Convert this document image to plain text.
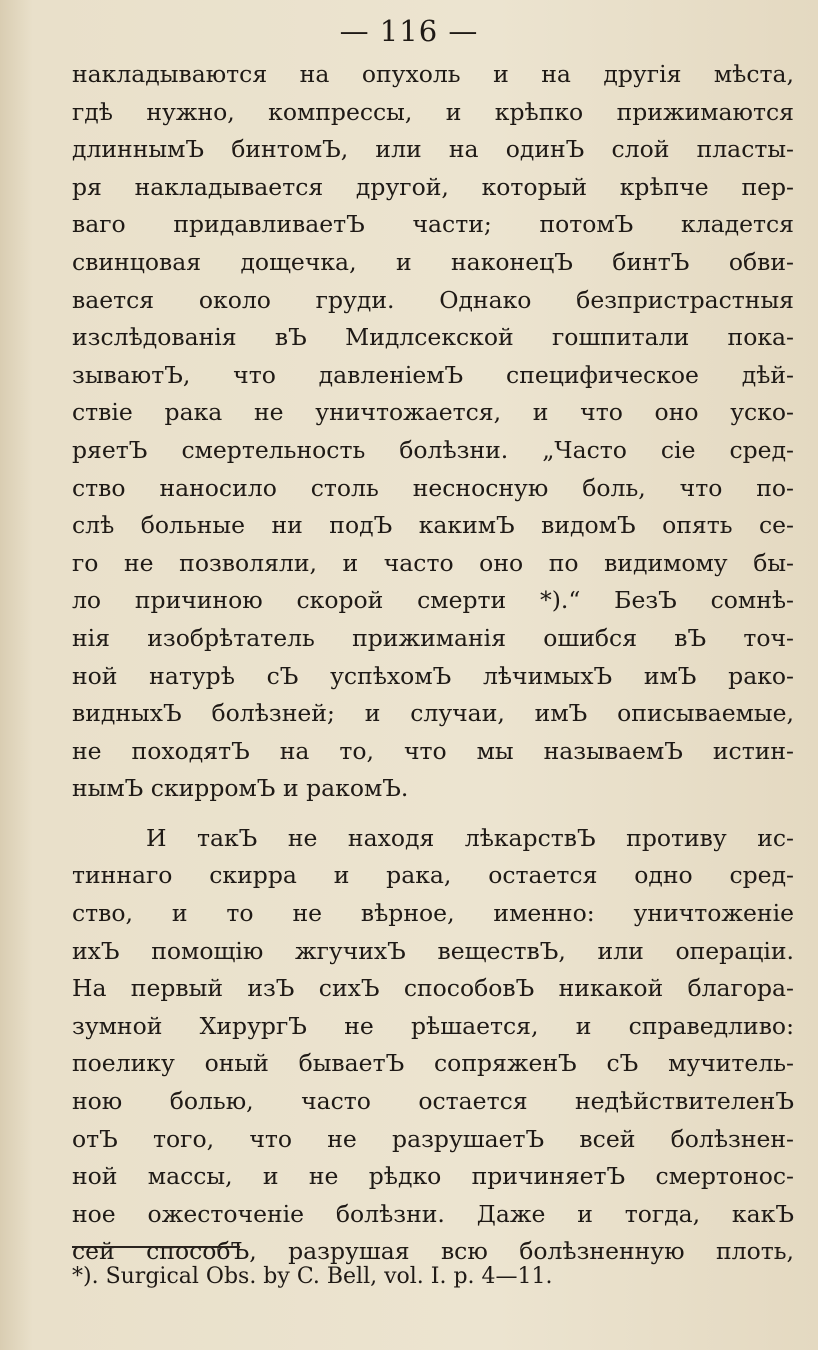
— 116 —
накладываются на опухоль и на другія мѣста,
гдѣ нужно, компрессы, и крѣпко прижимаются
длиннымЪ бинтомЪ, или на одинЪ слой пласты-
ря накладывается другой, который крѣпче пер-
ваго придавливаетЪ части; потомЪ кладется
свинцовая дощечка, и наконецЪ бинтЪ обви-
вается около груди. Однако безпристрастныя
изслѣдованія вЪ Мидлсекской гошпитали пока-
зываютЪ, что давленіемЪ специфическое дѣй-
ствіе рака не уничтожается, и что оно уско-
ряетЪ смертельность болѣзни. „Часто сіе сред-
ство наносило столь несносную боль, что по-
слѣ больные ни подЪ какимЪ видомЪ опять се-
го не позволяли, и часто оно по видимому бы-
ло причиною скорой смерти *).“ БезЪ сомнѣ-
нія изобрѣтатель прижиманія ошибся вЪ точ-
ной натурѣ сЪ успѣхомЪ лѣчимыхЪ имЪ рако-
видныхЪ болѣзней; и случаи, имЪ описываемые,
не походятЪ на то, что мы называемЪ истин-
нымЪ скирромЪ и ракомЪ.
И такЪ не находя лѣкарствЪ противу ис-
тиннаго скирра и рака, остается одно сред-
ство, и то не вѣрное, именно: уничтоженіе
ихЪ помощію жгучихЪ веществЪ, или операціи.
На первый изЪ сихЪ способовЪ никакой благора-
зумной ХирургЪ не рѣшается, и справедливо:
поелику оный бываетЪ сопряженЪ сЪ мучитель-
ною болью, часто остается недѣйствителенЪ
отЪ того, что не разрушаетЪ всей болѣзнен-
ной массы, и не рѣдко причиняетЪ смертонос-
ное ожесточеніе болѣзни. Даже и тогда, какЪ
сей способЪ, разрушая всю болѣзненную плоть,
*). Surgical Obs. by C. Bell, vol. I. p. 4—11.
